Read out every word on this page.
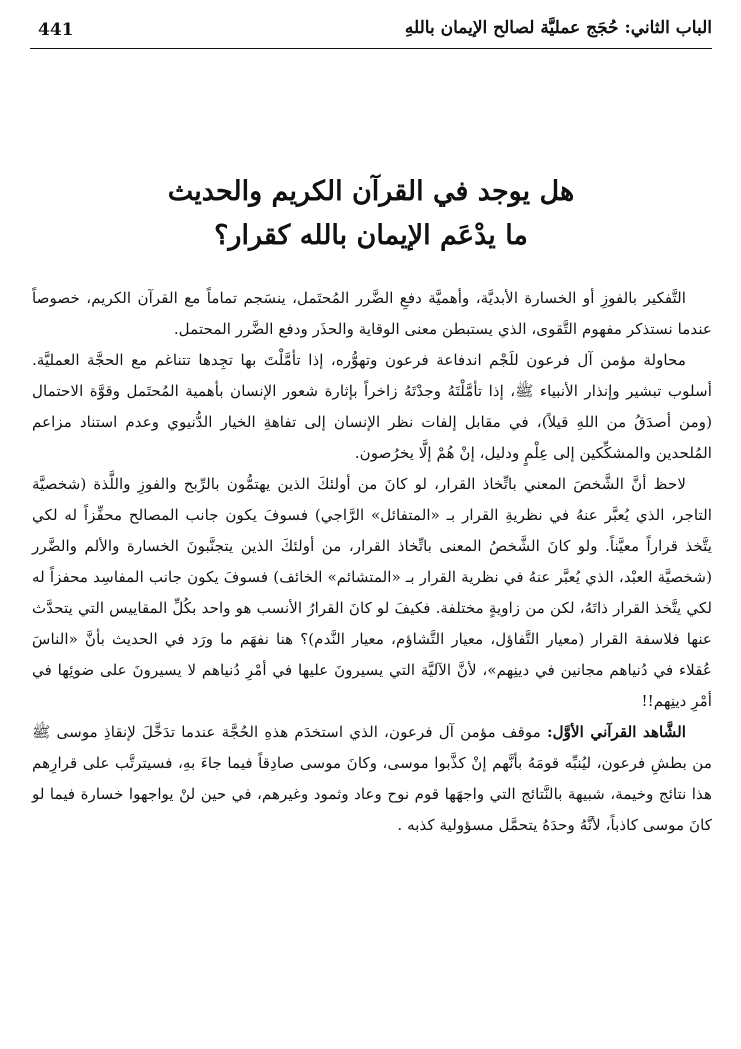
441	الباب الثاني: حُجَج عمليَّة لصالح الإيمان باللهِ
هل يوجد في القرآن الكريم والحديث
ما يدْعَم الإيمان بالله كقرار؟

التَّفكير بالفوزِ أو الخسارة الأبديَّة، وأهميَّة دفعِ الضَّرر المُحتَمل، ينسَجم تماماً مع القرآن الكريم، خصوصاً عندما نستذكر مفهوم التَّقوى، الذي يستبطن معنى الوقاية والحذَر ودفع الضَّرر المحتمل.

محاولة مؤمن آل فرعون للَجْم اندفاعة فرعون وتهوُّره، إذا تأمَّلْتَ بها تجِدها تتناغم مع الحجَّة العمليَّة. أسلوب تبشير وإنذار الأنبياء ﷺ، إذا تأمَّلْتَهُ وجدْتَهُ زاخراً بإثارة شعور الإنسان بأهمية المُحتَمل وقوَّة الاحتمال (ومن أصدَقُ من اللهِ قيلاً)، في مقابل إلفات نظر الإنسان إلى تفاهةِ الخيار الدُّنيوي وعدم استناد مزاعم المُلحدين والمشكِّكين إلى عِلْمٍ ودليل، إنْ هُمْ إلَّا يخرُصون.

لاحظ أنَّ الشَّخصَ المعني باتِّخاذ القرار، لو كانَ من أولئكَ الذين يهتمُّون بالرِّبح والفوزِ واللَّذة (شخصيَّة التاجر، الذي يُعبَّر عنهُ في نظريةِ القرار بـ «المتفائل» الرَّاجي) فسوفَ يكون جانب المصالح محفِّزاً له لكي يتَّخذ قراراً معيَّناً. ولو كانَ الشَّخصُ المعنى باتِّخاذ القرار، من أولئكَ الذين يتجنَّبونَ الخسارة والألم والضَّرر (شخصيَّة العبْد، الذي يُعبَّر عنهُ في نظرية القرار بـ «المتشائم» الخائف) فسوفَ يكون جانب المفاسِد محفزاً له لكي يتَّخذ القرار ذاتَهُ، لكن من زاويةٍ مختلفة. فكيفَ لو كانَ القرارُ الأنسب هو واحد بكُلِّ المقاييس التي يتحدَّث عنها فلاسفة القرار (معيار التَّفاؤل، معيار التَّشاؤم، معيار النَّدم)؟ هنا نفهَم ما ورَد في الحديث بأنَّ «الناسَ عُقلاء في دُنياهم مجانين في دينِهم»، لأنَّ الآليَّة التي يسيرونَ عليها في أمْرِ دُنياهم لا يسيرونَ على ضوئِها في أمْرِ دينِهم!!

الشَّاهد القرآني الأوَّل: موقف مؤمن آل فرعون، الذي استخدَم هذهِ الحُجَّة عندما تدَخَّلَ لإنقاذِ موسى ﷺ من بطشِ فرعون، ليُنبِّه قومَهُ بأنَّهم إنْ كذَّبوا موسى، وكانَ موسى صادِقاً فيما جاءَ بهِ، فسيترتَّب على قرارِهم هذا نتائج وخيمة، شبيهة بالنَّتائج التي واجهَها قوم نوح وعاد وثمود وغيرهم، في حين لنْ يواجهوا خسارة فيما لو كانَ موسى كاذباً، لأنَّهُ وحدَهُ يتحمَّل مسؤولية كذبه .
